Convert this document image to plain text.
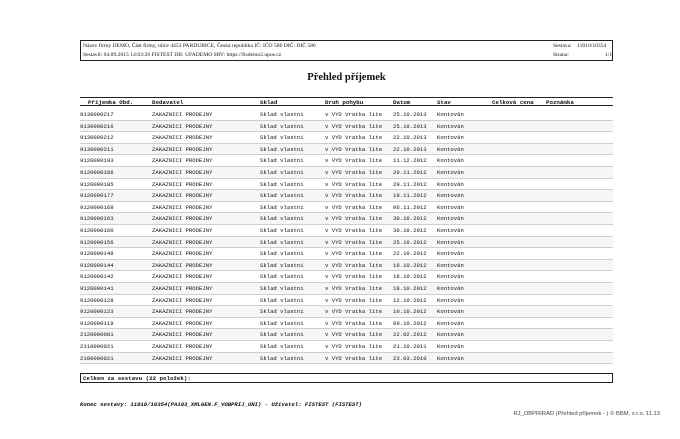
Název firmy DEMO, Část firmy, ulice 4453 PARDUBICE, Česká republika IČ: IČO 586 DIČ: DIČ 586
Sestavil: 04.09.2015 14:03:26 FISTEST DB: UFADEMO SRV: https://fisdemo2.upos.cz
Sestava: 11010/10354
Strana:	1/1
Přehled příjemek
Příjemka Obd.	Dodavatel	Sklad	Druh pohybu	Datum	Stav	Celková cena Poznámka
9130000217	ZAKAZNICI PRODEJNY	Sklad vlastni	v VYD Vratka lite 25.10.2013 Kontován
9130000216	ZAKAZNICI PRODEJNY	Sklad vlastni	v VYD Vratka lite 25.10.2013 Kontován
9130000212	ZAKAZNICI PRODEJNY	Sklad vlastni	v VYD Vratka lite 22.10.2013 Kontován
9130000211	ZAKAZNICI PRODEJNY	Sklad vlastni	v VYD Vratka lite 22.10.2013 Kontován
9120000193	ZAKAZNICI PRODEJNY	Sklad vlastni	v VYD Vratka lite 11.12.2012 Kontován
9120000186	ZAKAZNICI PRODEJNY	Sklad vlastni	v VYD Vratka lite 29.11.2012 Kontován
9120000185	ZAKAZNICI PRODEJNY	Sklad vlastni	v VYD Vratka lite 29.11.2012 Kontován
9120000177	ZAKAZNICI PRODEJNY	Sklad vlastni	v VYD Vratka lite 19.11.2012 Kontován
9120000168	ZAKAZNICI PRODEJNY	Sklad vlastni	v VYD Vratka lite 06.11.2012 Kontován
9120000163	ZAKAZNICI PRODEJNY	Sklad vlastni	v VYD Vratka lite 30.10.2012 Kontován
9120000160	ZAKAZNICI PRODEJNY	Sklad vlastni	v VYD Vratka lite 30.10.2012 Kontován
9120000156	ZAKAZNICI PRODEJNY	Sklad vlastni	v VYD Vratka lite 25.10.2012 Kontován
9120000148	ZAKAZNICI PRODEJNY	Sklad vlastni	v VYD Vratka lite 22.10.2012 Kontován
9120000144	ZAKAZNICI PRODEJNY	Sklad vlastni	v VYD Vratka lite 19.10.2012 Kontován
9120000142	ZAKAZNICI PRODEJNY	Sklad vlastni	v VYD Vratka lite 18.10.2012 Kontován
9120000141	ZAKAZNICI PRODEJNY	Sklad vlastni	v VYD Vratka lite 18.10.2012 Kontován
9120000128	ZAKAZNICI PRODEJNY	Sklad vlastni	v VYD Vratka lite 12.10.2012 Kontován
9120000123	ZAKAZNICI PRODEJNY	Sklad vlastni	v VYD Vratka lite 10.10.2012 Kontován
9120000119	ZAKAZNICI PRODEJNY	Sklad vlastni	v VYD Vratka lite 09.10.2012 Kontován
2120000081	ZAKAZNICI PRODEJNY	Sklad vlastni	v VYD Vratka lite 22.02.2012 Kontován
2110000021	ZAKAZNICI PRODEJNY	Sklad vlastni	v VYD Vratka lite 21.10.2011 Kontován
2100000021	ZAKAZNICI PRODEJNY	Sklad vlastni	v VYD Vratka lite 23.03.2010 Kontován
Celkem za sestavu (22 položek):
Konec sestavy: 11010/10354(PA103_XMLGEN.F_VOBPRIJ_UNI) - Uživatel: FISTEST (FISTEST)
RJ_OBPRIRAD (Přehled příjemek - ) © BBM, s.r.o. 11.13
